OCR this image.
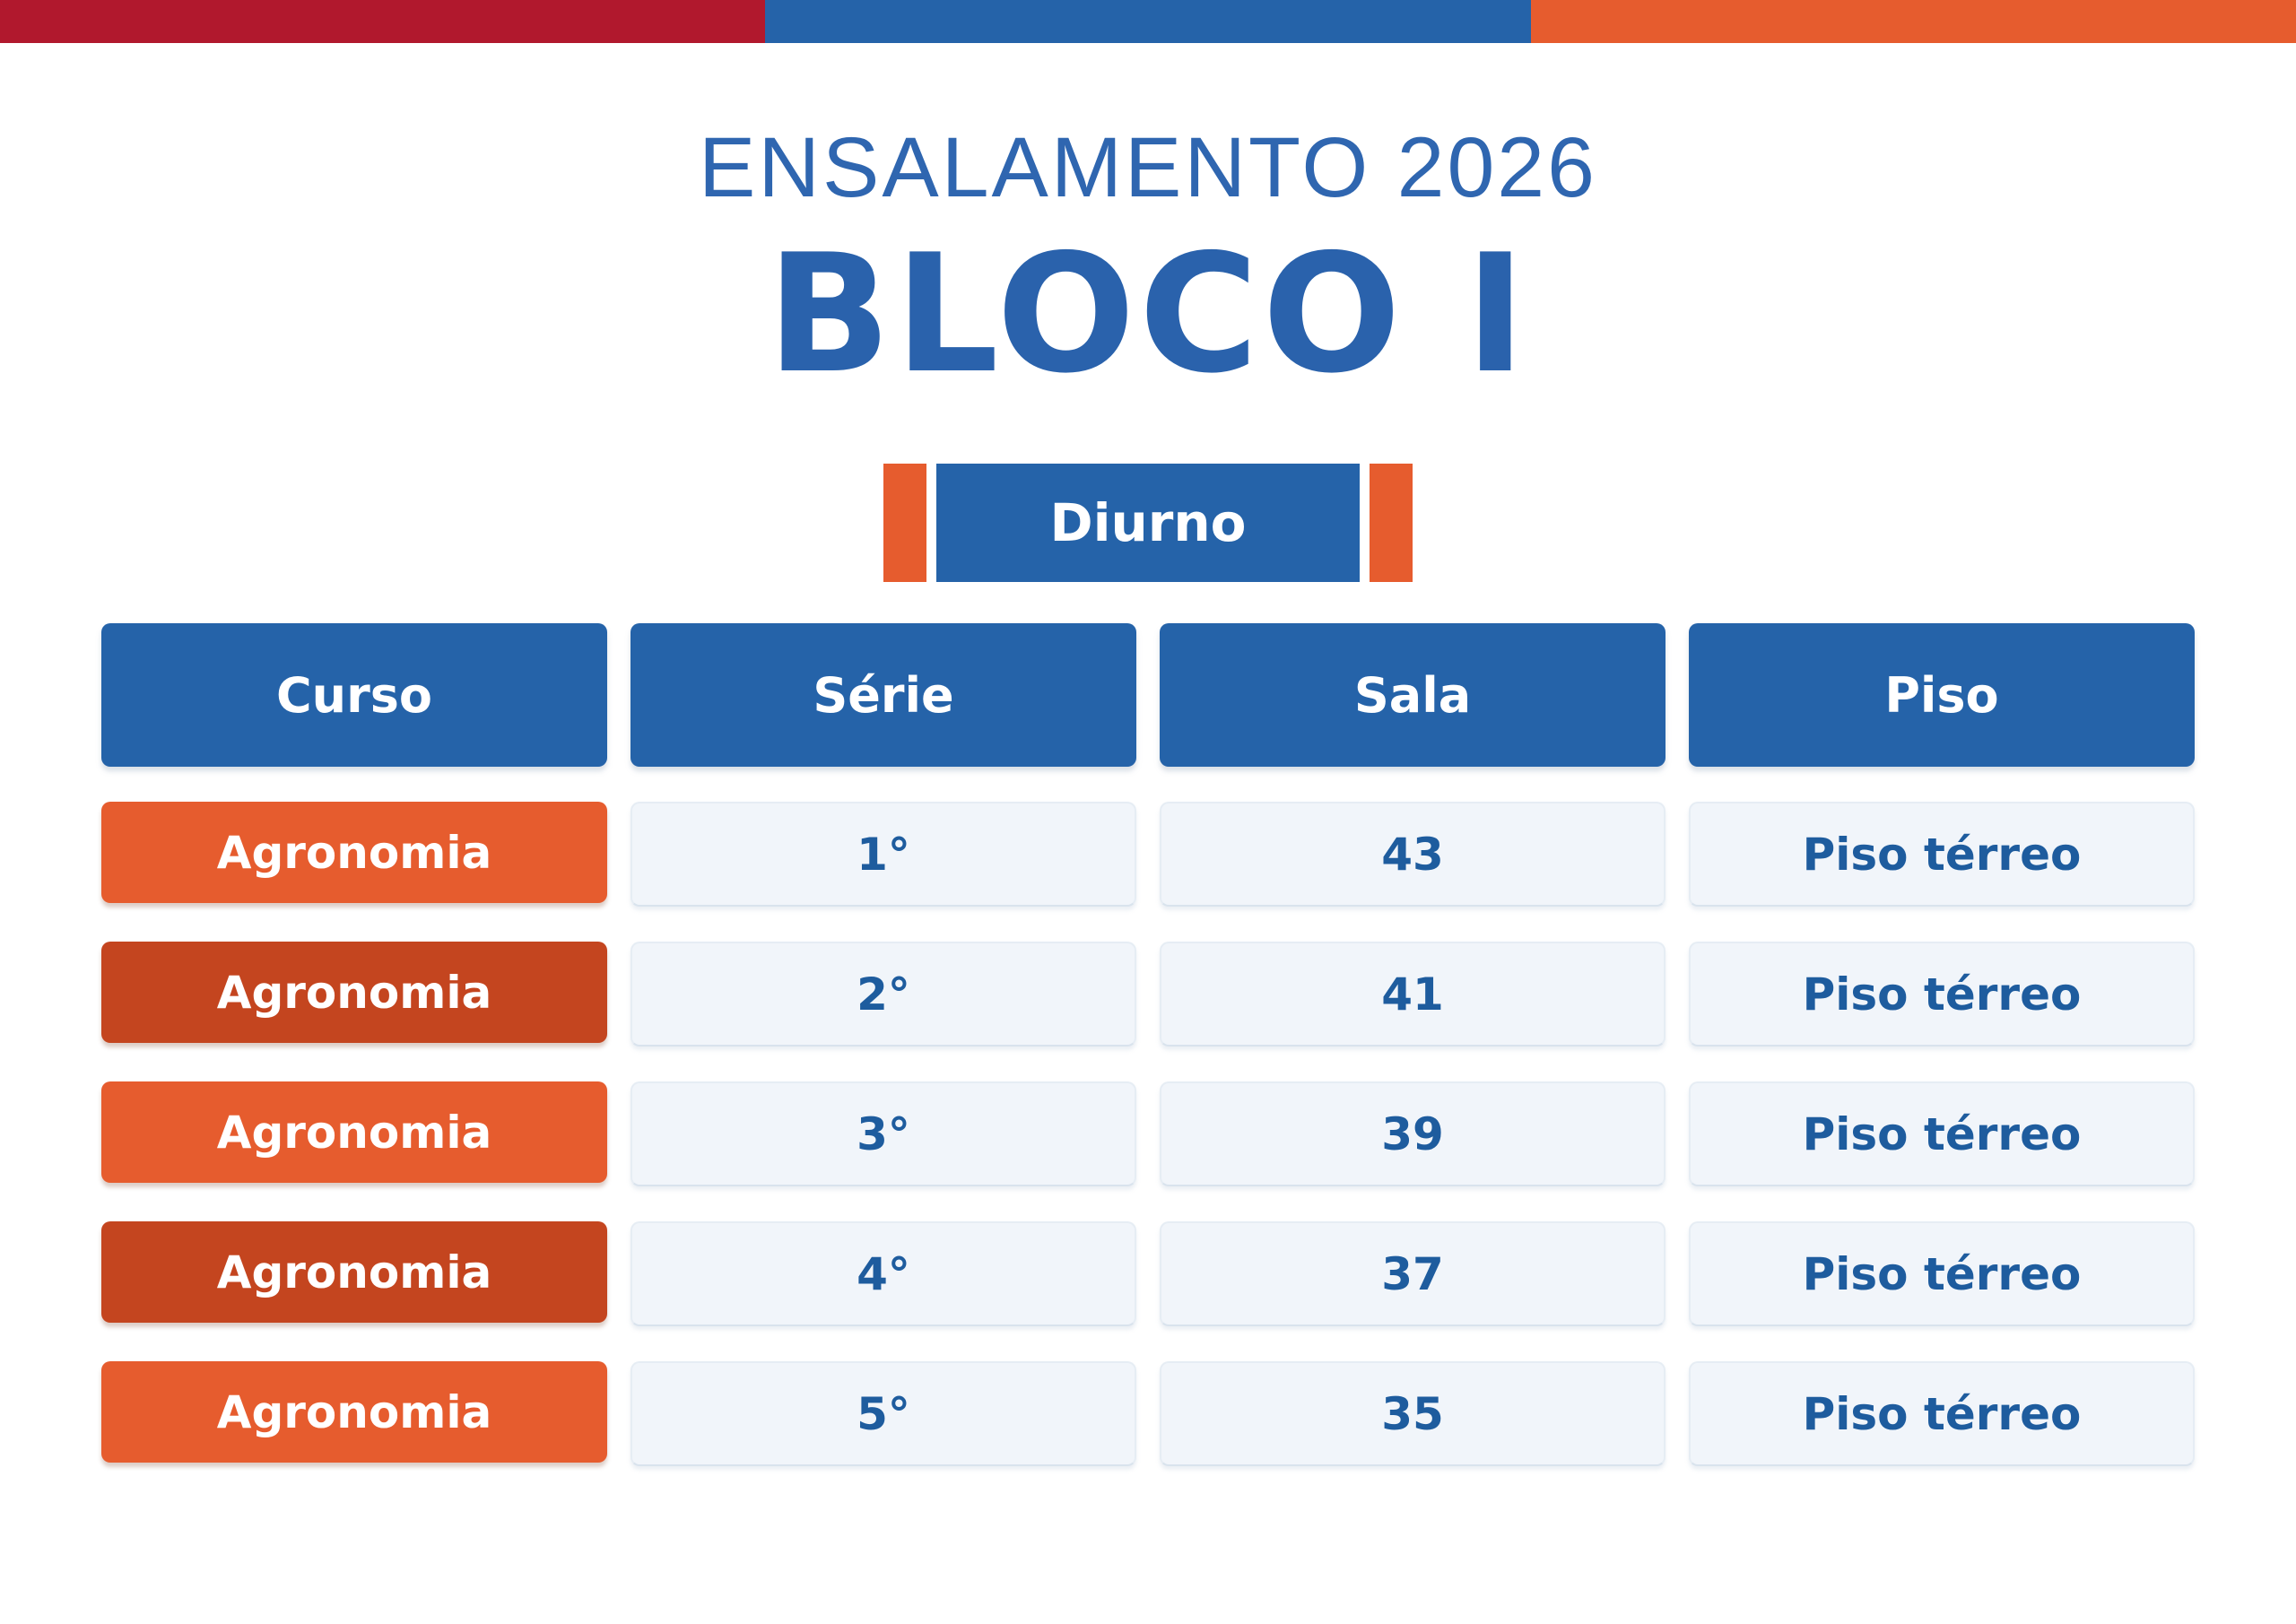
ENSALAMENTO 2026
BLOCO I
Diurno
Curso	Série	Sala	Piso
Agronomia	1°	43	Piso térreo
Agronomia	2°	41	Piso térreo
Agronomia	3°	39	Piso térreo
Agronomia	4°	37	Piso térreo
Agronomia	5°	35	Piso térreo
